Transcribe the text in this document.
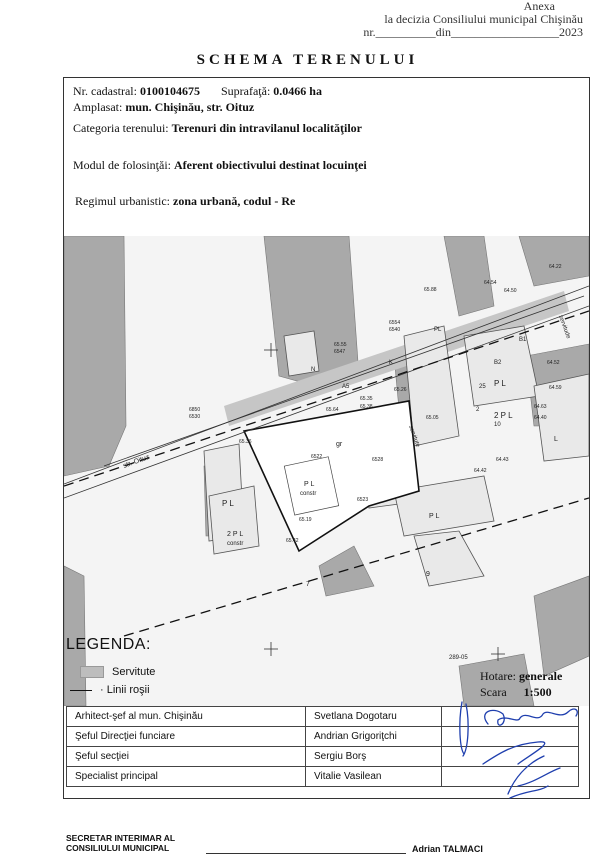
Anexa
la decizia Consiliului municipal Chişinău
nr.__________din__________________2023
SCHEMA TERENULUI
Nr. cadastral: 0100104675 Suprafaţă: 0.0466 ha
Amplasat: mun. Chişinău, str. Oituz
Categoria terenului: Terenuri din intravilanul localităţilor
Modul de folosinţăi: Aferent obiectivului destinat locuinţei
Regimul urbanistic: zona urbană, codul - Re
str. Oituz
P L
2 P L
constr
P L
constr
P L
P L
2 P L
servitute
servitude
gr
289-05
A5
B1
B2
N
PL
L
K
7
9
25
10
2
6522	6528
6523
65.19
65.42
65.36
65.64	65.38
65.35
65.26
65.05
64.42
64.43
64.40
64.63
64.59
64.52
64.22
6850
6530
6554
6540
65.55
6547
65.88
64.54
64.50
LEGENDA:
Servitute
· Linii roşii
Hotare: generale
Scara 1:500
Arhitect-şef al mun. Chişinău	Svetlana Dogotaru	
Şeful Direcţiei funciare	Andrian Grigoriţchi	
Şeful secţiei	Sergiu Borş	
Specialist principal	Vitalie Vasilean	
SECRETAR INTERIMAR AL
CONSILIULUI MUNICIPAL	Adrian TALMACI
